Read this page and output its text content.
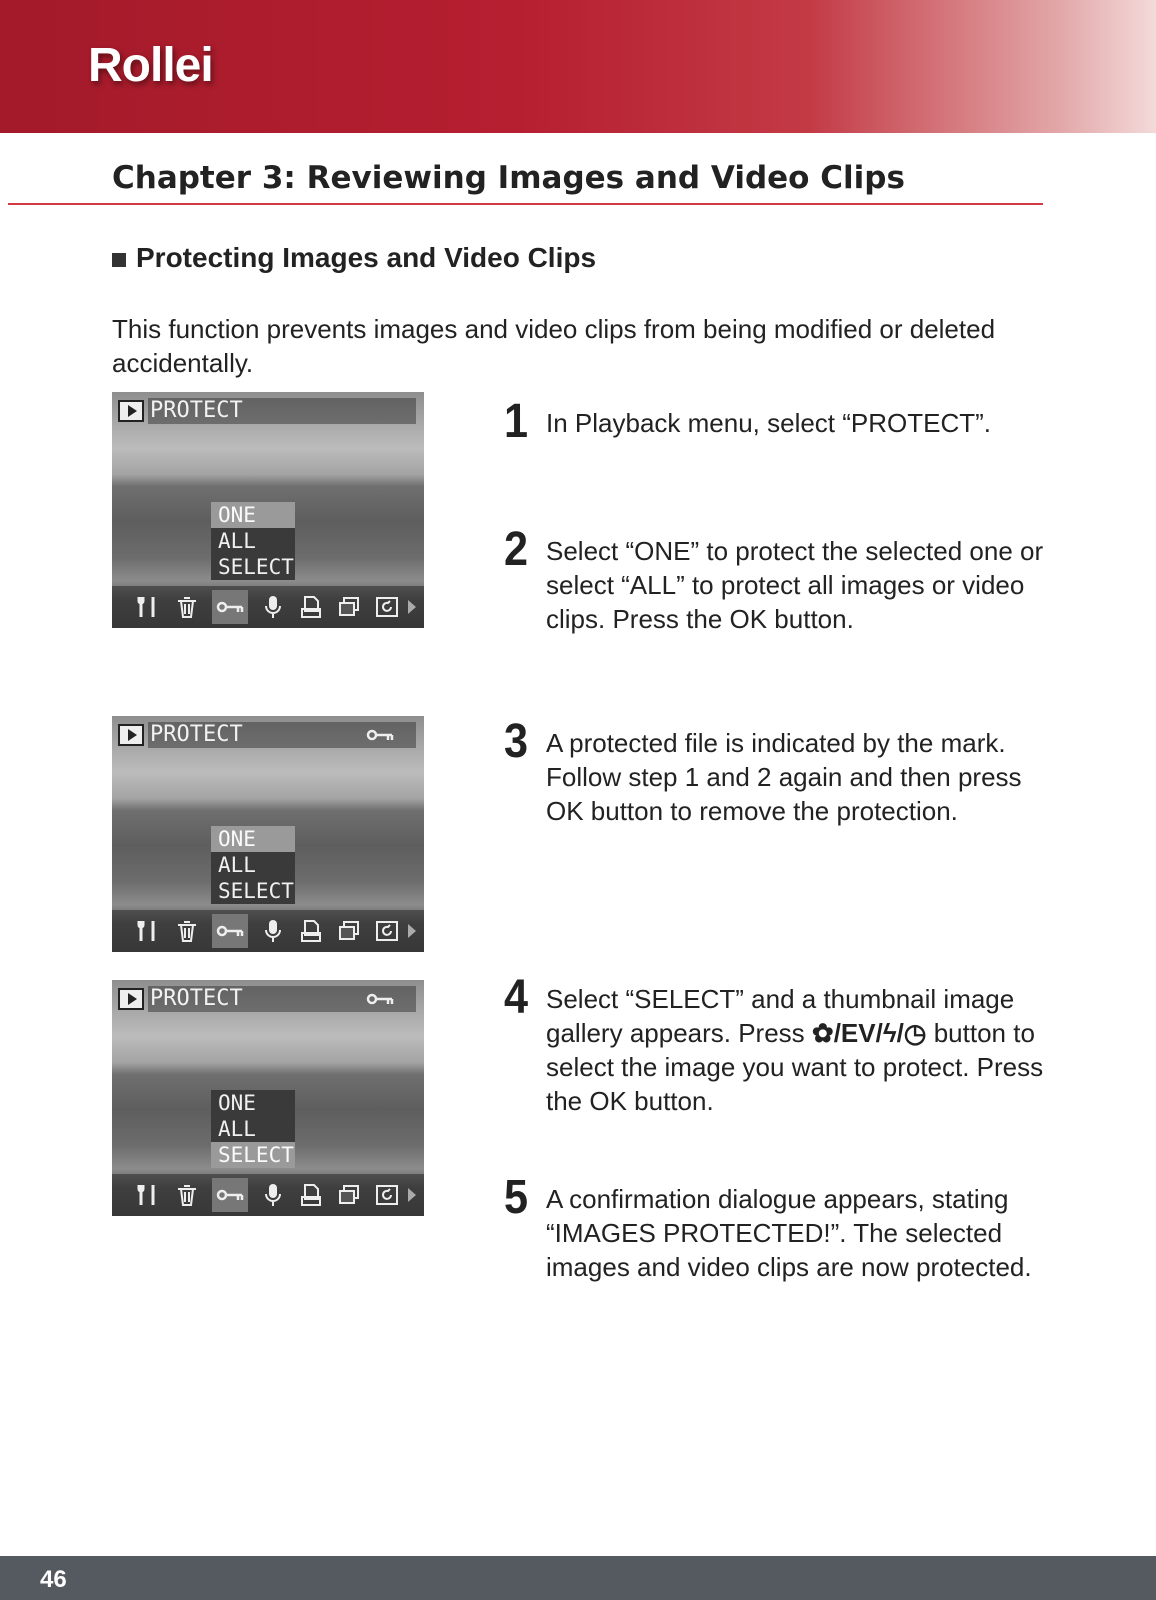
Rollei
Chapter 3: Reviewing Images and Video Clips
Protecting Images and Video Clips

This function prevents images and video clips from being modified or deleted accidentally.

PROTECT
ONE
ALL
SELECT
PROTECT
ONE
ALL
SELECT
PROTECT
ONE
ALL
SELECT
1 In Playback menu, select “PROTECT”.

2 Select “ONE” to protect the selected one or select “ALL” to protect all images or video clips. Press the OK button.

3 A protected file is indicated by the mark. Follow step 1 and 2 again and then press OK button to remove the protection.

4 Select “SELECT” and a thumbnail image gallery appears. Press ✿/EV/ϟ/◷ button to select the image you want to protect. Press the OK button.

5 A confirmation dialogue appears, stating “IMAGES PROTECTED!”. The selected images and video clips are now protected.

46
